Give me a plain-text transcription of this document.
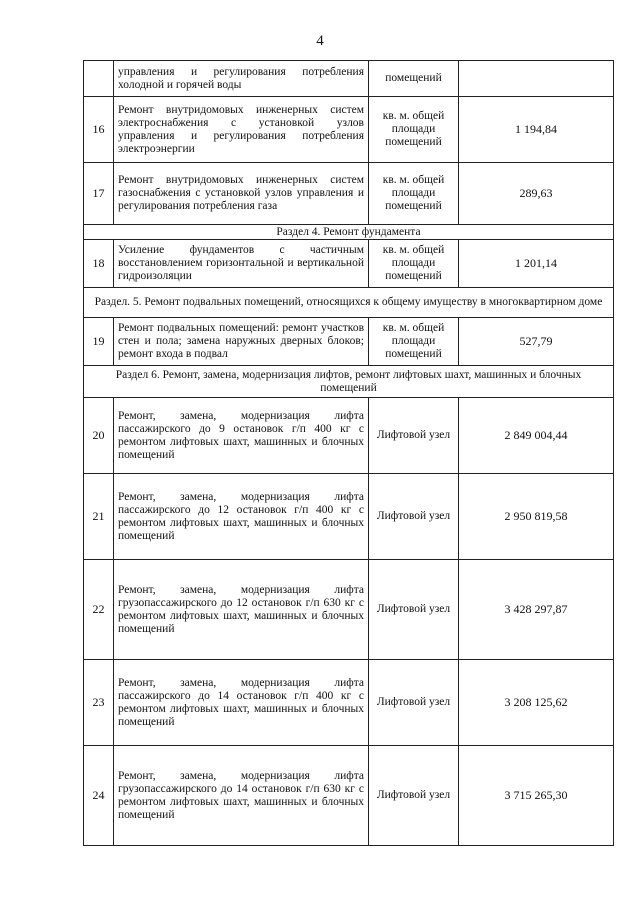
4
	управления и регулирования потребления холодной и горячей воды	помещений	
16	Ремонт внутридомовых инженерных систем электроснабжения с установкой узлов управления и регулирования потребления электроэнергии	кв. м. общей площади помещений	1 194,84
17	Ремонт внутридомовых инженерных систем газоснабжения с установкой узлов управления и регулирования потребления газа	кв. м. общей площади помещений	289,63
Раздел 4. Ремонт фундамента			
18	Усиление фундаментов с частичным восстановлением горизонтальной и вертикальной гидроизоляции	кв. м. общей площади помещений	1 201,14
Раздел. 5. Ремонт подвальных помещений, относящихся к общему имуществу в многоквартирном доме			
19	Ремонт подвальных помещений: ремонт участков стен и пола; замена наружных дверных блоков; ремонт входа в подвал	кв. м. общей площади помещений	527,79
Раздел 6. Ремонт, замена, модернизация лифтов, ремонт лифтовых шахт, машинных и блочных помещений			
20	Ремонт, замена, модернизация лифта пассажирского до 9 остановок г/п 400 кг с ремонтом лифтовых шахт, машинных и блочных помещений	Лифтовой узел	2 849 004,44
21	Ремонт, замена, модернизация лифта пассажирского до 12 остановок г/п 400 кг с ремонтом лифтовых шахт, машинных и блочных помещений	Лифтовой узел	2 950 819,58
22	Ремонт, замена, модернизация лифта грузопассажирского до 12 остановок г/п 630 кг с ремонтом лифтовых шахт, машинных и блочных помещений	Лифтовой узел	3 428 297,87
23	Ремонт, замена, модернизация лифта пассажирского до 14 остановок г/п 400 кг с ремонтом лифтовых шахт, машинных и блочных помещений	Лифтовой узел	3 208 125,62
24	Ремонт, замена, модернизация лифта грузопассажирского до 14 остановок г/п 630 кг с ремонтом лифтовых шахт, машинных и блочных помещений	Лифтовой узел	3 715 265,30
